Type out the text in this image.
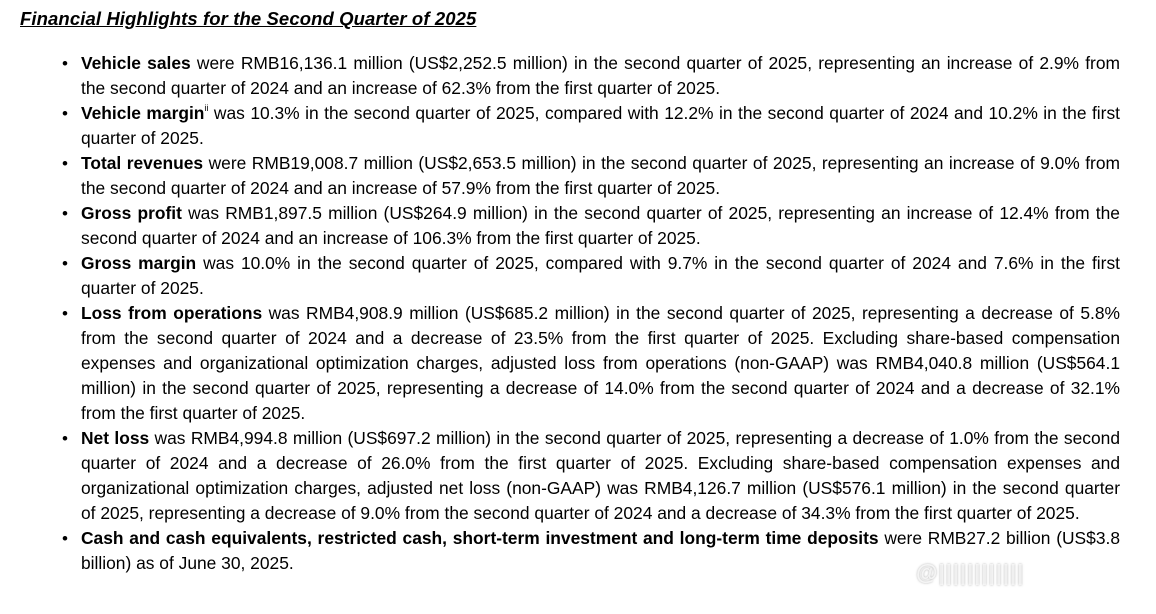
Financial Highlights for the Second Quarter of 2025
• Vehicle sales were RMB16,136.1 million (US$2,252.5 million) in the second quarter of 2025, representing an increase of 2.9% from the second quarter of 2024 and an increase of 62.3% from the first quarter of 2025.
• Vehicle margin$^{ii}$ was 10.3% in the second quarter of 2025, compared with 12.2% in the second quarter of 2024 and 10.2% in the first quarter of 2025.
• Total revenues were RMB19,008.7 million (US$2,653.5 million) in the second quarter of 2025, representing an increase of 9.0% from the second quarter of 2024 and an increase of 57.9% from the first quarter of 2025.
• Gross profit was RMB1,897.5 million (US$264.9 million) in the second quarter of 2025, representing an increase of 12.4% from the second quarter of 2024 and an increase of 106.3% from the first quarter of 2025.
• Gross margin was 10.0% in the second quarter of 2025, compared with 9.7% in the second quarter of 2024 and 7.6% in the first quarter of 2025.
• Loss from operations was RMB4,908.9 million (US$685.2 million) in the second quarter of 2025, representing a decrease of 5.8% from the second quarter of 2024 and a decrease of 23.5% from the first quarter of 2025. Excluding share-based compensation expenses and organizational optimization charges, adjusted loss from operations (non-GAAP) was RMB4,040.8 million (US$564.1 million) in the second quarter of 2025, representing a decrease of 14.0% from the second quarter of 2024 and a decrease of 32.1% from the first quarter of 2025.
• Net loss was RMB4,994.8 million (US$697.2 million) in the second quarter of 2025, representing a decrease of 1.0% from the second quarter of 2024 and a decrease of 26.0% from the first quarter of 2025. Excluding share-based compensation expenses and organizational optimization charges, adjusted net loss (non-GAAP) was RMB4,126.7 million (US$576.1 million) in the second quarter of 2025, representing a decrease of 9.0% from the second quarter of 2024 and a decrease of 34.3% from the first quarter of 2025.
• Cash and cash equivalents, restricted cash, short-term investment and long-term time deposits were RMB27.2 billion (US$3.8 billion) as of June 30, 2025.	@||||||||||||
